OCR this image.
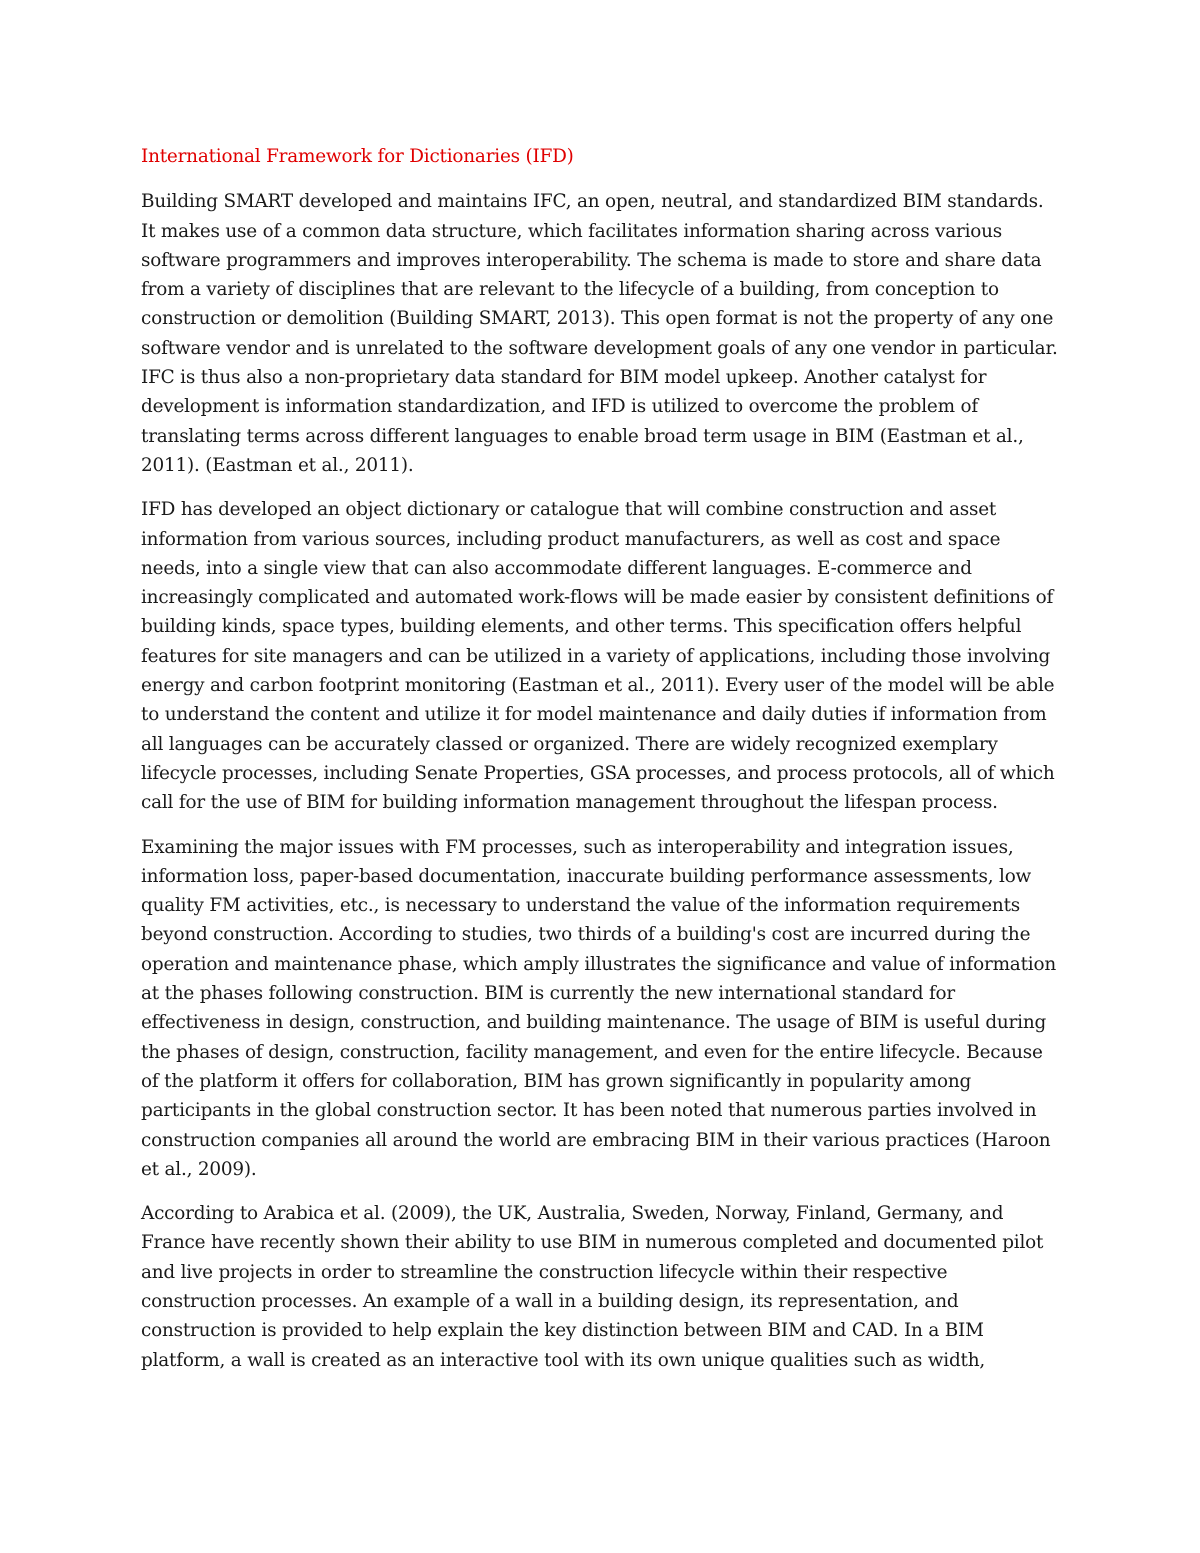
International Framework for Dictionaries (IFD)

Building SMART developed and maintains IFC, an open, neutral, and standardized BIM standards. It makes use of a common data structure, which facilitates information sharing across various software programmers and improves interoperability. The schema is made to store and share data from a variety of disciplines that are relevant to the lifecycle of a building, from conception to construction or demolition (Building SMART, 2013). This open format is not the property of any one software vendor and is unrelated to the software development goals of any one vendor in particular. IFC is thus also a non-proprietary data standard for BIM model upkeep. Another catalyst for development is information standardization, and IFD is utilized to overcome the problem of translating terms across different languages to enable broad term usage in BIM (Eastman et al., 2011). (Eastman et al., 2011).

IFD has developed an object dictionary or catalogue that will combine construction and asset information from various sources, including product manufacturers, as well as cost and space needs, into a single view that can also accommodate different languages. E-commerce and increasingly complicated and automated work-flows will be made easier by consistent definitions of building kinds, space types, building elements, and other terms. This specification offers helpful features for site managers and can be utilized in a variety of applications, including those involving energy and carbon footprint monitoring (Eastman et al., 2011). Every user of the model will be able to understand the content and utilize it for model maintenance and daily duties if information from all languages can be accurately classed or organized. There are widely recognized exemplary lifecycle processes, including Senate Properties, GSA processes, and process protocols, all of which call for the use of BIM for building information management throughout the lifespan process.

Examining the major issues with FM processes, such as interoperability and integration issues, information loss, paper-based documentation, inaccurate building performance assessments, low quality FM activities, etc., is necessary to understand the value of the information requirements beyond construction. According to studies, two thirds of a building's cost are incurred during the operation and maintenance phase, which amply illustrates the significance and value of information at the phases following construction. BIM is currently the new international standard for effectiveness in design, construction, and building maintenance. The usage of BIM is useful during the phases of design, construction, facility management, and even for the entire lifecycle. Because of the platform it offers for collaboration, BIM has grown significantly in popularity among participants in the global construction sector. It has been noted that numerous parties involved in construction companies all around the world are embracing BIM in their various practices (Haroon et al., 2009).

According to Arabica et al. (2009), the UK, Australia, Sweden, Norway, Finland, Germany, and France have recently shown their ability to use BIM in numerous completed and documented pilot and live projects in order to streamline the construction lifecycle within their respective construction processes. An example of a wall in a building design, its representation, and construction is provided to help explain the key distinction between BIM and CAD. In a BIM platform, a wall is created as an interactive tool with its own unique qualities such as width,
